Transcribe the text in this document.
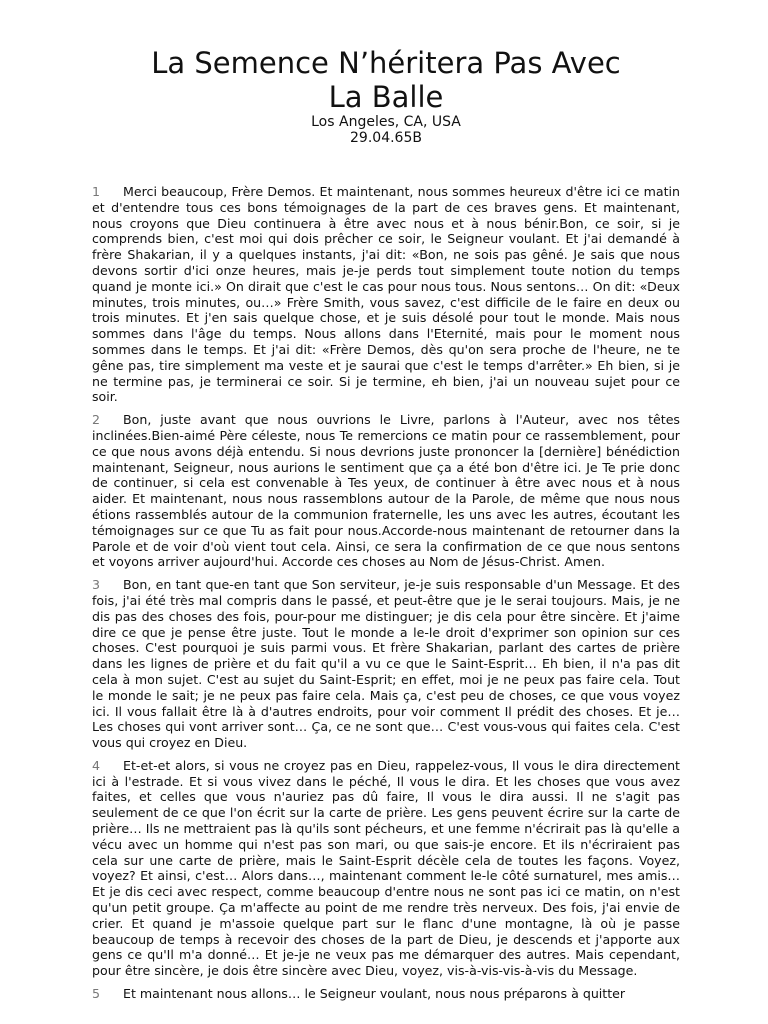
La Semence N’héritera Pas Avec
La Balle
Los Angeles, CA, USA
29.04.65B

1 Merci beaucoup, Frère Demos. Et maintenant, nous sommes heureux d'être ici ce matin et d'entendre tous ces bons témoignages de la part de ces braves gens. Et maintenant, nous croyons que Dieu continuera à être avec nous et à nous bénir.Bon, ce soir, si je comprends bien, c'est moi qui dois prêcher ce soir, le Seigneur voulant. Et j'ai demandé à frère Shakarian, il y a quelques instants, j'ai dit: «Bon, ne sois pas gêné. Je sais que nous devons sortir d'ici onze heures, mais je-je perds tout simplement toute notion du temps quand je monte ici.» On dirait que c'est le cas pour nous tous. Nous sentons… On dit: «Deux minutes, trois minutes, ou…» Frère Smith, vous savez, c'est difficile de le faire en deux ou trois minutes. Et j'en sais quelque chose, et je suis désolé pour tout le monde. Mais nous sommes dans l'âge du temps. Nous allons dans l'Eternité, mais pour le moment nous sommes dans le temps. Et j'ai dit: «Frère Demos, dès qu'on sera proche de l'heure, ne te gêne pas, tire simplement ma veste et je saurai que c'est le temps d'arrêter.» Eh bien, si je ne termine pas, je terminerai ce soir. Si je termine, eh bien, j'ai un nouveau sujet pour ce soir.

2 Bon, juste avant que nous ouvrions le Livre, parlons à l'Auteur, avec nos têtes inclinées.Bien-aimé Père céleste, nous Te remercions ce matin pour ce rassemblement, pour ce que nous avons déjà entendu. Si nous devrions juste prononcer la [dernière] bénédiction maintenant, Seigneur, nous aurions le sentiment que ça a été bon d'être ici. Je Te prie donc de continuer, si cela est convenable à Tes yeux, de continuer à être avec nous et à nous aider. Et maintenant, nous nous rassemblons autour de la Parole, de même que nous nous étions rassemblés autour de la communion fraternelle, les uns avec les autres, écoutant les témoignages sur ce que Tu as fait pour nous.Accorde-nous maintenant de retourner dans la Parole et de voir d'où vient tout cela. Ainsi, ce sera la confirmation de ce que nous sentons et voyons arriver aujourd'hui. Accorde ces choses au Nom de Jésus-Christ. Amen.

3 Bon, en tant que-en tant que Son serviteur, je-je suis responsable d'un Message. Et des fois, j'ai été très mal compris dans le passé, et peut-être que je le serai toujours. Mais, je ne dis pas des choses des fois, pour-pour me distinguer; je dis cela pour être sincère. Et j'aime dire ce que je pense être juste. Tout le monde a le-le droit d'exprimer son opinion sur ces choses. C'est pourquoi je suis parmi vous. Et frère Shakarian, parlant des cartes de prière dans les lignes de prière et du fait qu'il a vu ce que le Saint-Esprit… Eh bien, il n'a pas dit cela à mon sujet. C'est au sujet du Saint-Esprit; en effet, moi je ne peux pas faire cela. Tout le monde le sait; je ne peux pas faire cela. Mais ça, c'est peu de choses, ce que vous voyez ici. Il vous fallait être là à d'autres endroits, pour voir comment Il prédit des choses. Et je… Les choses qui vont arriver sont… Ça, ce ne sont que… C'est vous-vous qui faites cela. C'est vous qui croyez en Dieu.

4 Et-et-et alors, si vous ne croyez pas en Dieu, rappelez-vous, Il vous le dira directement ici à l'estrade. Et si vous vivez dans le péché, Il vous le dira. Et les choses que vous avez faites, et celles que vous n'auriez pas dû faire, Il vous le dira aussi. Il ne s'agit pas seulement de ce que l'on écrit sur la carte de prière. Les gens peuvent écrire sur la carte de prière… Ils ne mettraient pas là qu'ils sont pécheurs, et une femme n'écrirait pas là qu'elle a vécu avec un homme qui n'est pas son mari, ou que sais-je encore. Et ils n'écriraient pas cela sur une carte de prière, mais le Saint-Esprit décèle cela de toutes les façons. Voyez, voyez? Et ainsi, c'est… Alors dans…, maintenant comment le-le côté surnaturel, mes amis… Et je dis ceci avec respect, comme beaucoup d'entre nous ne sont pas ici ce matin, on n'est qu'un petit groupe. Ça m'affecte au point de me rendre très nerveux. Des fois, j'ai envie de crier. Et quand je m'assoie quelque part sur le flanc d'une montagne, là où je passe beaucoup de temps à recevoir des choses de la part de Dieu, je descends et j'apporte aux gens ce qu'Il m'a donné… Et je-je ne veux pas me démarquer des autres. Mais cependant, pour être sincère, je dois être sincère avec Dieu, voyez, vis-à-vis-vis-à-vis du Message.

5 Et maintenant nous allons… le Seigneur voulant, nous nous préparons à quitter
